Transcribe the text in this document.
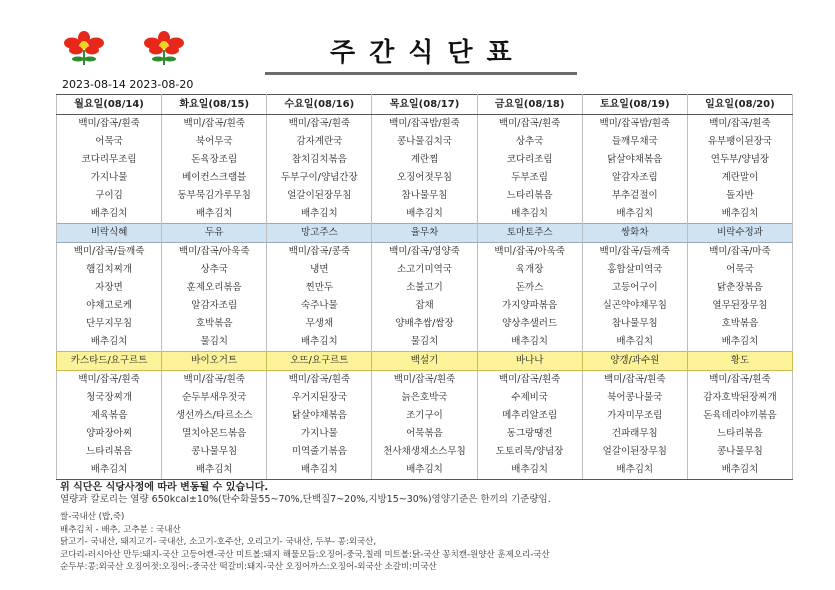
주간식단표
2023-08-14 2023-08-20
월요일(08/14)	화요일(08/15)	수요일(08/16)	목요일(08/17)	금요일(08/18)	토요일(08/19)	일요일(08/20)
백미/잡곡/흰죽	백미/잡곡/흰죽	백미/잡곡/흰죽	백미/잡곡밥/흰죽	백미/잡곡/흰죽	백미/잡곡밥/흰죽	백미/잡곡/흰죽
어묵국	북어무국	감자계란국	콩나물김치국	상추국	들깨무채국	유부팽이된장국
코다리무조림	돈육장조림	참치김치볶음	계란찜	코다리조림	닭살야채볶음	연두부/양념장
가지나물	베이컨스크램블	두부구이/양념간장	오징어젓무침	두부조림	알감자조림	계란말이
구이김	동부묵김가루무침	얼갈이된장무침	참나물무침	느타리볶음	부추겉절이	돌자반
배추김치	배추김치	배추김치	배추김치	배추김치	배추김치	배추김치
비락식혜	두유	망고주스	율무차	토마토주스	쌍화차	비락수정과
백미/잡곡/들깨죽	백미/잡곡/아욱죽	백미/잡곡/콩죽	백미/잡곡/영양죽	백미/잡곡/아욱죽	백미/잡곡/들깨죽	백미/잡곡/마죽
햄김치찌개	상추국	냉면	소고기미역국	육개장	홍합살미역국	어묵국
자장면	훈제오리볶음	찐만두	소불고기	돈까스	고등어구이	닭춘장볶음
야채고로케	알감자조림	숙주나물	잡채	가지양파볶음	실곤약야채무침	열무된장무침
단무지무침	호박볶음	무생채	양배추쌈/쌈장	양상추샐러드	참나물무침	호박볶음
배추김치	물김치	배추김치	물김치	배추김치	배추김치	배추김치
카스타드/요구르트	바이오거트	오뜨/요구르트	백설기	바나나	양갱/과수원	황도
백미/잡곡/흰죽	백미/잡곡/흰죽	백미/잡곡/흰죽	백미/잡곡/흰죽	백미/잡곡/흰죽	백미/잡곡/흰죽	백미/잡곡/흰죽
청국장찌개	순두부새우젓국	우거지된장국	늙은호박국	수제비국	북어콩나물국	감자호박된장찌개
제육볶음	생선까스/타르소스	닭살야채볶음	조기구이	메추리알조림	가자미무조림	돈육데리야끼볶음
양파장아찌	멸치아몬드볶음	가지나물	어묵볶음	동그랑땡전	건파래무침	느타리볶음
느타리볶음	콩나물무침	미역줄기볶음	천사채생채소스무침	도토리묵/양념장	얼갈이된장무침	콩나물무침
배추김치	배추김치	배추김치	배추김치	배추김치	배추김치	배추김치
위 식단은 식당사정에 따라 변동될 수 있습니다.
열량과 칼로리는 열량 650kcal±10%(탄수화물55~70%,단백질7~20%,지방15~30%)영양기준은 한끼의 기준량임.
쌀-국내산 (밥,죽)
배추김치 - 배추, 고추분 : 국내산
닭고기- 국내산, 돼지고기- 국내산, 소고기-호주산, 오리고기- 국내산, 두부- 콩:외국산,
코다리-러시아산 만두:돼지-국산 고등어캔-국산 미트볼:돼지 해물모듬:오징어-중국,칠레 미트볼:닭-국산 꽁치캔-원양산 훈제오리-국산
순두부:콩:외국산 오징어젓:오징어:-중국산 떡갈비:돼지-국산 오징어까스:오징어-외국산 소갈비:미국산
